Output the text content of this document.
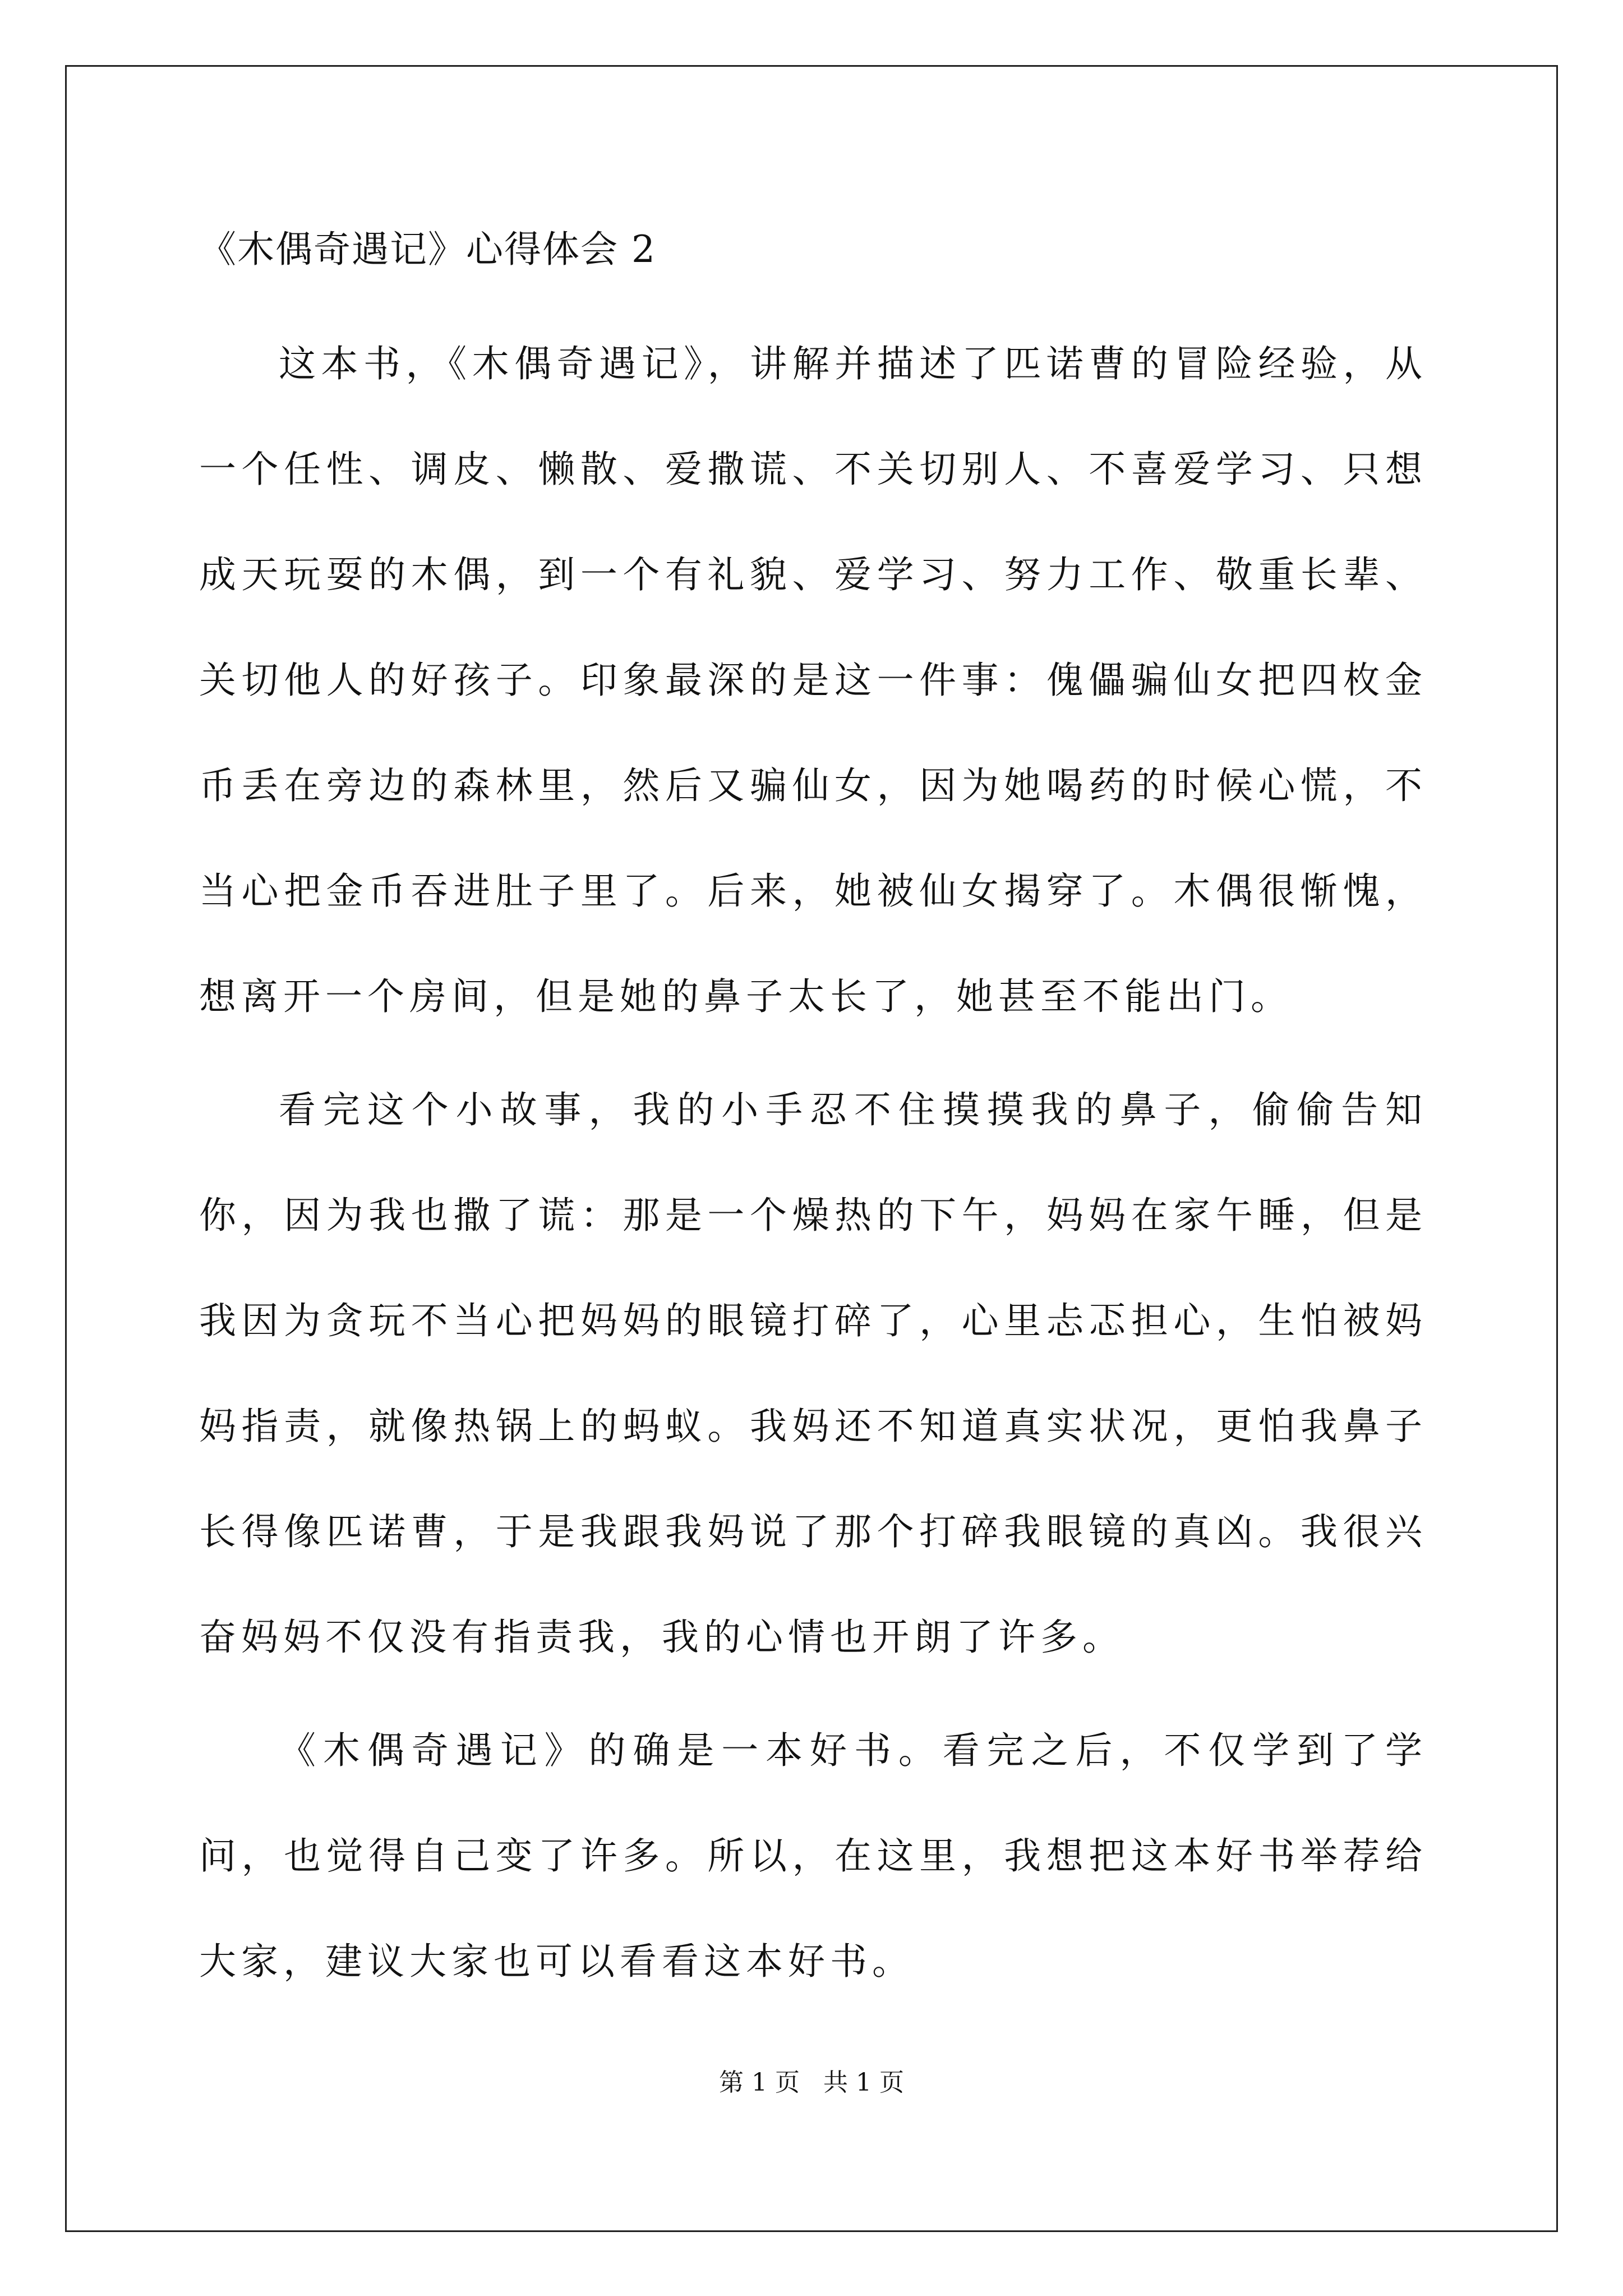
《木偶奇遇记》心得体会 2

这本书，《木偶奇遇记》，讲解并描述了匹诺曹的冒险经验，从一个任性、调皮、懒散、爱撒谎、不关切别人、不喜爱学习、只想成天玩耍的木偶，到一个有礼貌、爱学习、努力工作、敬重长辈、关切他人的好孩子。印象最深的是这一件事：傀儡骗仙女把四枚金币丢在旁边的森林里，然后又骗仙女，因为她喝药的时候心慌，不当心把金币吞进肚子里了。后来，她被仙女揭穿了。木偶很惭愧，想离开一个房间，但是她的鼻子太长了，她甚至不能出门。

看完这个小故事，我的小手忍不住摸摸我的鼻子，偷偷告知你，因为我也撒了谎：那是一个燥热的下午，妈妈在家午睡，但是我因为贪玩不当心把妈妈的眼镜打碎了，心里忐忑担心，生怕被妈妈指责，就像热锅上的蚂蚁。我妈还不知道真实状况，更怕我鼻子长得像匹诺曹，于是我跟我妈说了那个打碎我眼镜的真凶。我很兴奋妈妈不仅没有指责我，我的心情也开朗了许多。

《木偶奇遇记》的确是一本好书。看完之后，不仅学到了学问，也觉得自己变了许多。所以，在这里，我想把这本好书举荐给大家，建议大家也可以看看这本好书。

第 1 页 共 1 页
